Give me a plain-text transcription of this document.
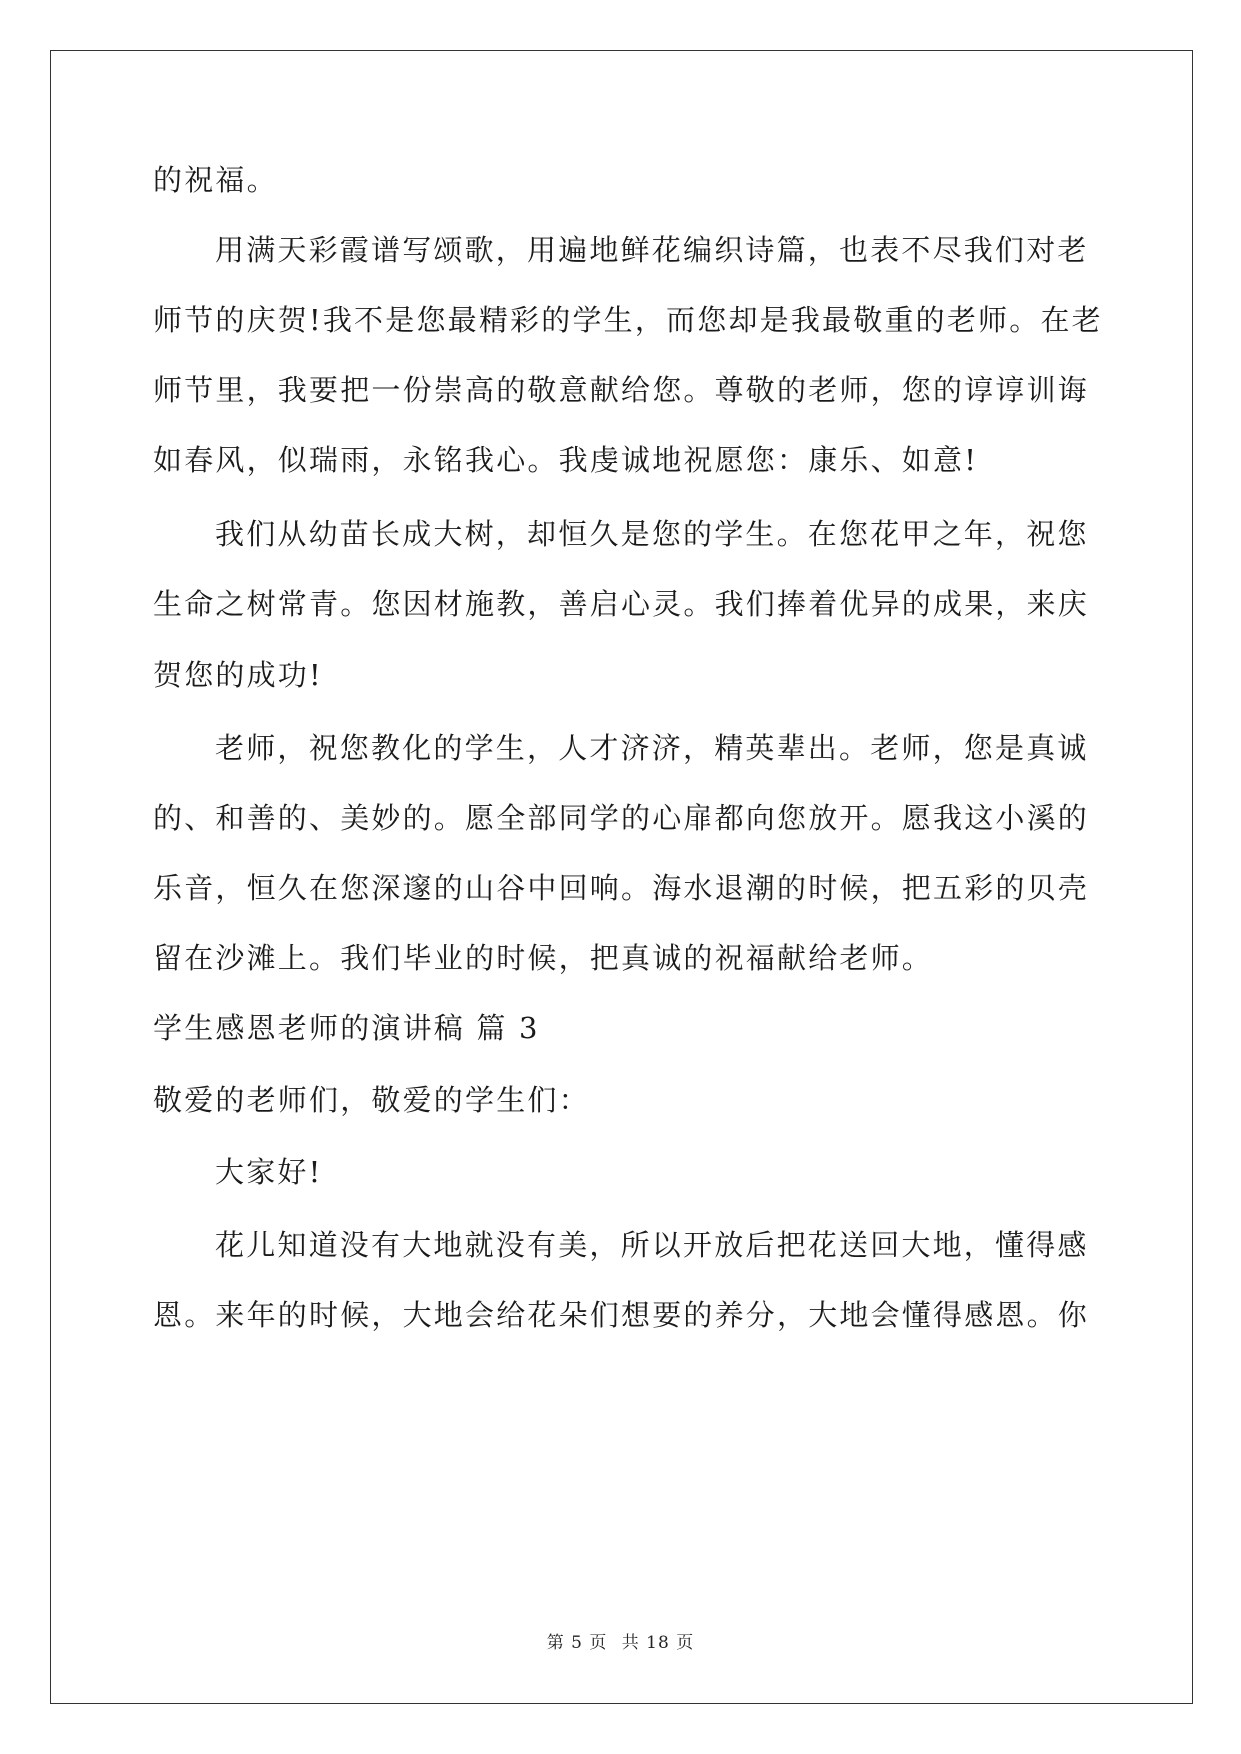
的祝福。
用满天彩霞谱写颂歌，用遍地鲜花编织诗篇，也表不尽我们对老
师节的庆贺!我不是您最精彩的学生，而您却是我最敬重的老师。在老
师节里，我要把一份崇高的敬意献给您。尊敬的老师，您的谆谆训诲
如春风，似瑞雨，永铭我心。我虔诚地祝愿您：康乐、如意!
我们从幼苗长成大树，却恒久是您的学生。在您花甲之年，祝您
生命之树常青。您因材施教，善启心灵。我们捧着优异的成果，来庆
贺您的成功!
老师，祝您教化的学生，人才济济，精英辈出。老师，您是真诚
的、和善的、美妙的。愿全部同学的心扉都向您放开。愿我这小溪的
乐音，恒久在您深邃的山谷中回响。海水退潮的时候，把五彩的贝壳
留在沙滩上。我们毕业的时候，把真诚的祝福献给老师。
学生感恩老师的演讲稿 篇 3
敬爱的老师们，敬爱的学生们：
大家好!
花儿知道没有大地就没有美，所以开放后把花送回大地，懂得感
恩。来年的时候，大地会给花朵们想要的养分，大地会懂得感恩。你
第 5 页 共 18 页
